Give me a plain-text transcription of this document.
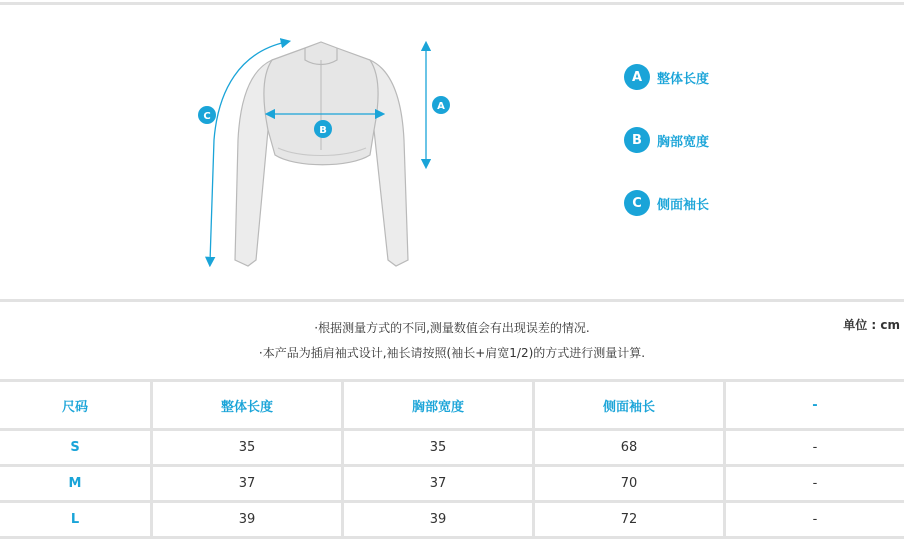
C
B
A
A	整体长度
B	胸部宽度
C	侧面袖长
·根据测量方式的不同,测量数值会有出现误差的情况.
·本产品为插肩袖式设计,袖长请按照(袖长+肩宽1/2)的方式进行测量计算.
单位 : cm
尺码	整体长度	胸部宽度	侧面袖长	-
S	35	35	68	-
M	37	37	70	-
L	39	39	72	-
